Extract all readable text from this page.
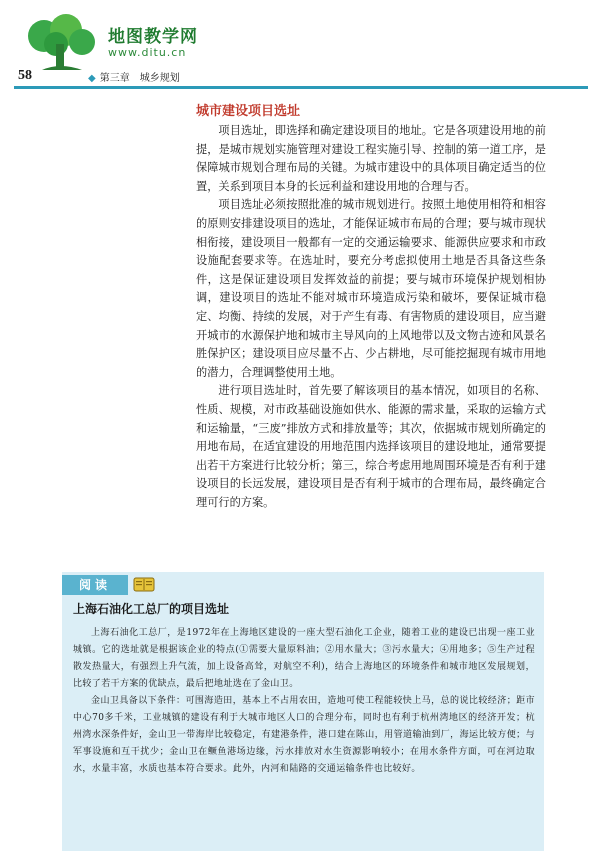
地图教学网
www.ditu.cn
58	◆ 第三章　城乡规划
城市建设项目选址

项目选址，即选择和确定建设项目的地址。它是各项建设用地的前提，是城市规划实施管理对建设工程实施引导、控制的第一道工序，是保障城市规划合理布局的关键。为城市建设中的具体项目确定适当的位置，关系到项目本身的长远利益和建设用地的合理与否。

项目选址必须按照批准的城市规划进行。按照土地使用相符和相容的原则安排建设项目的选址，才能保证城市布局的合理；要与城市现状相衔接，建设项目一般都有一定的交通运输要求、能源供应要求和市政设施配套要求等。在选址时，要充分考虑拟使用土地是否具备这些条件，这是保证建设项目发挥效益的前提；要与城市环境保护规划相协调，建设项目的选址不能对城市环境造成污染和破坏，要保证城市稳定、均衡、持续的发展，对于产生有毒、有害物质的建设项目，应当避开城市的水源保护地和城市主导风向的上风地带以及文物古迹和风景名胜保护区；建设项目应尽量不占、少占耕地，尽可能挖掘现有城市用地的潜力，合理调整使用土地。

进行项目选址时，首先要了解该项目的基本情况，如项目的名称、性质、规模，对市政基础设施如供水、能源的需求量，采取的运输方式和运输量，“三废”排放方式和排放量等；其次，依据城市规划所确定的用地布局，在适宜建设的用地范围内选择该项目的建设地址，通常要提出若干方案进行比较分析；第三，综合考虑用地周围环境是否有利于建设项目的长远发展，建设项目是否有利于城市的合理布局，最终确定合理可行的方案。

阅读
上海石油化工总厂的项目选址

上海石油化工总厂，是1972年在上海地区建设的一座大型石油化工企业，随着工业的建设已出现一座工业城镇。它的选址就是根据该企业的特点(①需要大量原料油；②用水量大；③污水量大；④用地多；⑤生产过程散发热量大，有强烈上升气流，加上设备高耸，对航空不利)，结合上海地区的环境条件和城市地区发展规划，比较了若干方案的优缺点，最后把地址选在了金山卫。

金山卫具备以下条件：可围海造田，基本上不占用农田，造地可使工程能较快上马，总的说比较经济；距市中心70多千米，工业城镇的建设有利于大城市地区人口的合理分布，同时也有利于杭州湾地区的经济开发；杭州湾水深条件好，金山卫一带海岸比较稳定，有建港条件，港口建在陈山，用管道输油到厂，海运比较方便；与军事设施和互干扰少；金山卫在鳜鱼港场边缘，污水排放对水生资源影响较小；在用水条件方面，可在河边取水，水量丰富，水质也基本符合要求。此外，内河和陆路的交通运输条件也比较好。
